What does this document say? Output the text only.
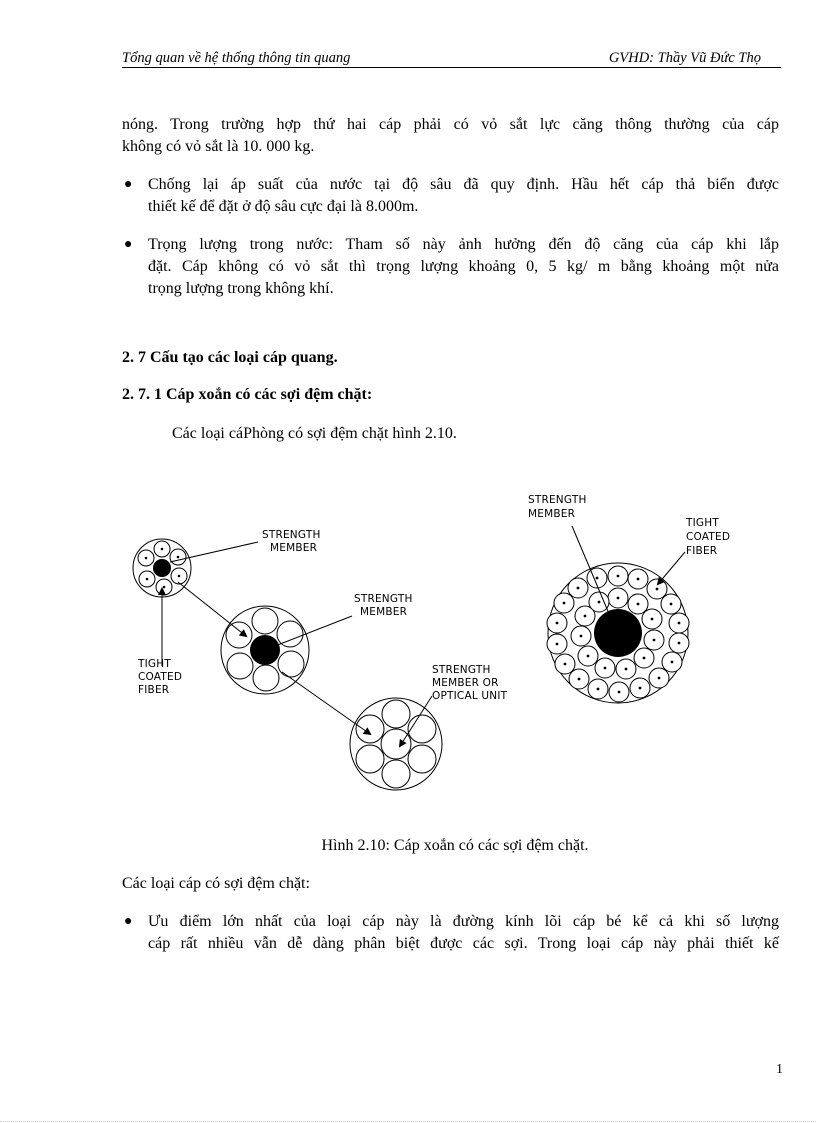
Tổng quan về hệ thống thông tin quang	GVHD: Thầy Vũ Đức Thọ
nóng. Trong trường hợp thứ hai cáp phải có vỏ sắt lực căng thông thường của cáp
không có vỏ sắt là 10. 000 kg.
● Chống lại áp suất của nước tại độ sâu đã quy định. Hầu hết cáp thả biển được
thiết kế để đặt ở độ sâu cực đại là 8.000m.
● Trọng lượng trong nước: Tham số này ảnh hưởng đến độ căng của cáp khi lắp
đặt. Cáp không có vỏ sắt thì trọng lượng khoảng 0, 5 kg/ m bằng khoảng một nửa
trọng lượng trong không khí.
2. 7 Cấu tạo các loại cáp quang.
2. 7. 1 Cáp xoắn có các sợi đệm chặt:
Các loại cáPhòng có sợi đệm chặt hình 2.10.
STRENGTH
MEMBER
STRENGTH
MEMBER
TIGHT
COATED
FIBER
STRENGTH
MEMBER OR
OPTICAL UNIT
STRENGTH
MEMBER
TIGHT
COATED
FIBER
Hình 2.10: Cáp xoắn có các sợi đệm chặt.
Các loại cáp có sợi đệm chặt:
● Ưu điểm lớn nhất của loại cáp này là đường kính lõi cáp bé kể cả khi số lượng
cáp rất nhiều vẫn dễ dàng phân biệt được các sợi. Trong loại cáp này phải thiết kế
1
